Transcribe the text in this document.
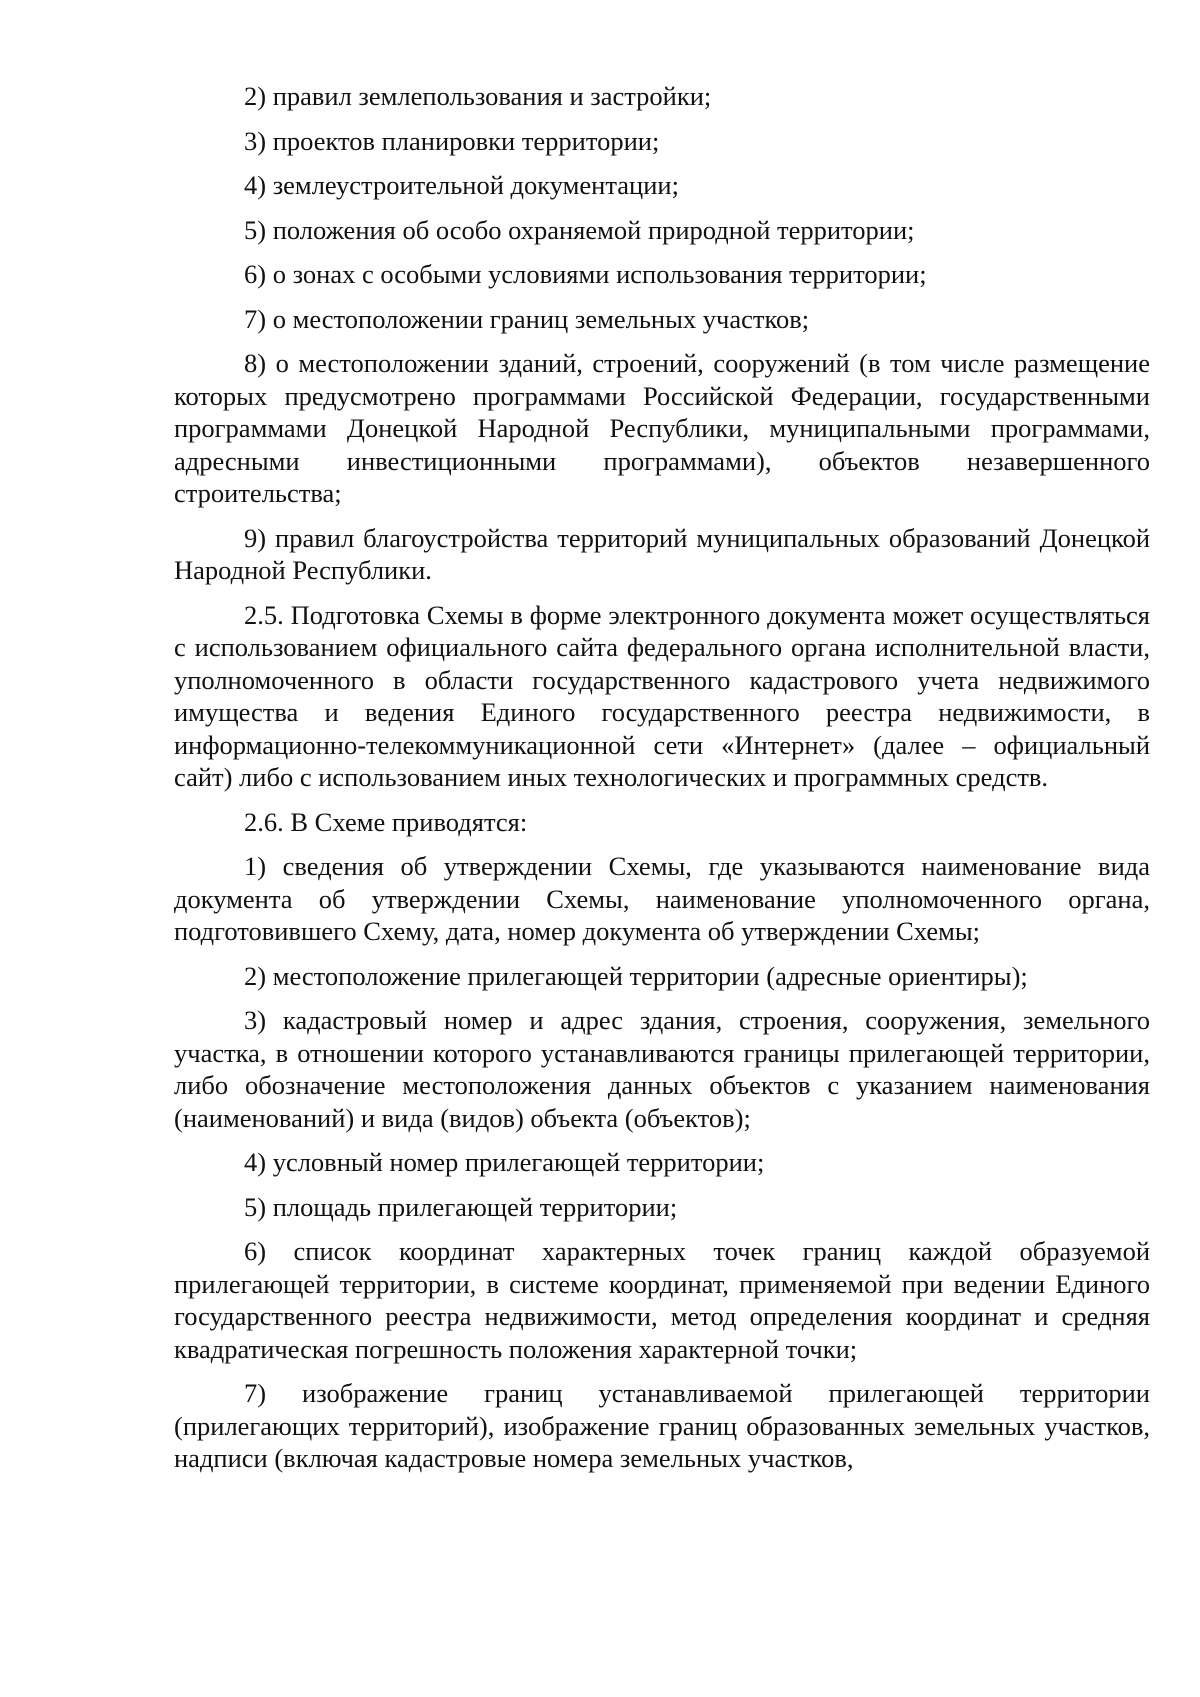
2) правил землепользования и застройки;

3) проектов планировки территории;

4) землеустроительной документации;

5) положения об особо охраняемой природной территории;

6) о зонах с особыми условиями использования территории;

7) о местоположении границ земельных участков;

8) о местоположении зданий, строений, сооружений (в том числе размещение которых предусмотрено программами Российской Федерации, государственными программами Донецкой Народной Республики, муниципальными программами, адресными инвестиционными программами), объектов незавершенного строительства;

9) правил благоустройства территорий муниципальных образований Донецкой Народной Республики.

2.5. Подготовка Схемы в форме электронного документа может осуществляться с использованием официального сайта федерального органа исполнительной власти, уполномоченного в области государственного кадастрового учета недвижимого имущества и ведения Единого государственного реестра недвижимости, в информационно-телекоммуникационной сети «Интернет» (далее – официальный сайт) либо с использованием иных технологических и программных средств.

2.6. В Схеме приводятся:

1) сведения об утверждении Схемы, где указываются наименование вида документа об утверждении Схемы, наименование уполномоченного органа, подготовившего Схему, дата, номер документа об утверждении Схемы;

2) местоположение прилегающей территории (адресные ориентиры);

3) кадастровый номер и адрес здания, строения, сооружения, земельного участка, в отношении которого устанавливаются границы прилегающей территории, либо обозначение местоположения данных объектов с указанием наименования (наименований) и вида (видов) объекта (объектов);

4) условный номер прилегающей территории;

5) площадь прилегающей территории;

6) список координат характерных точек границ каждой образуемой прилегающей территории, в системе координат, применяемой при ведении Единого государственного реестра недвижимости, метод определения координат и средняя квадратическая погрешность положения характерной точки;

7) изображение границ устанавливаемой прилегающей территории (прилегающих территорий), изображение границ образованных земельных участков, надписи (включая кадастровые номера земельных участков,
